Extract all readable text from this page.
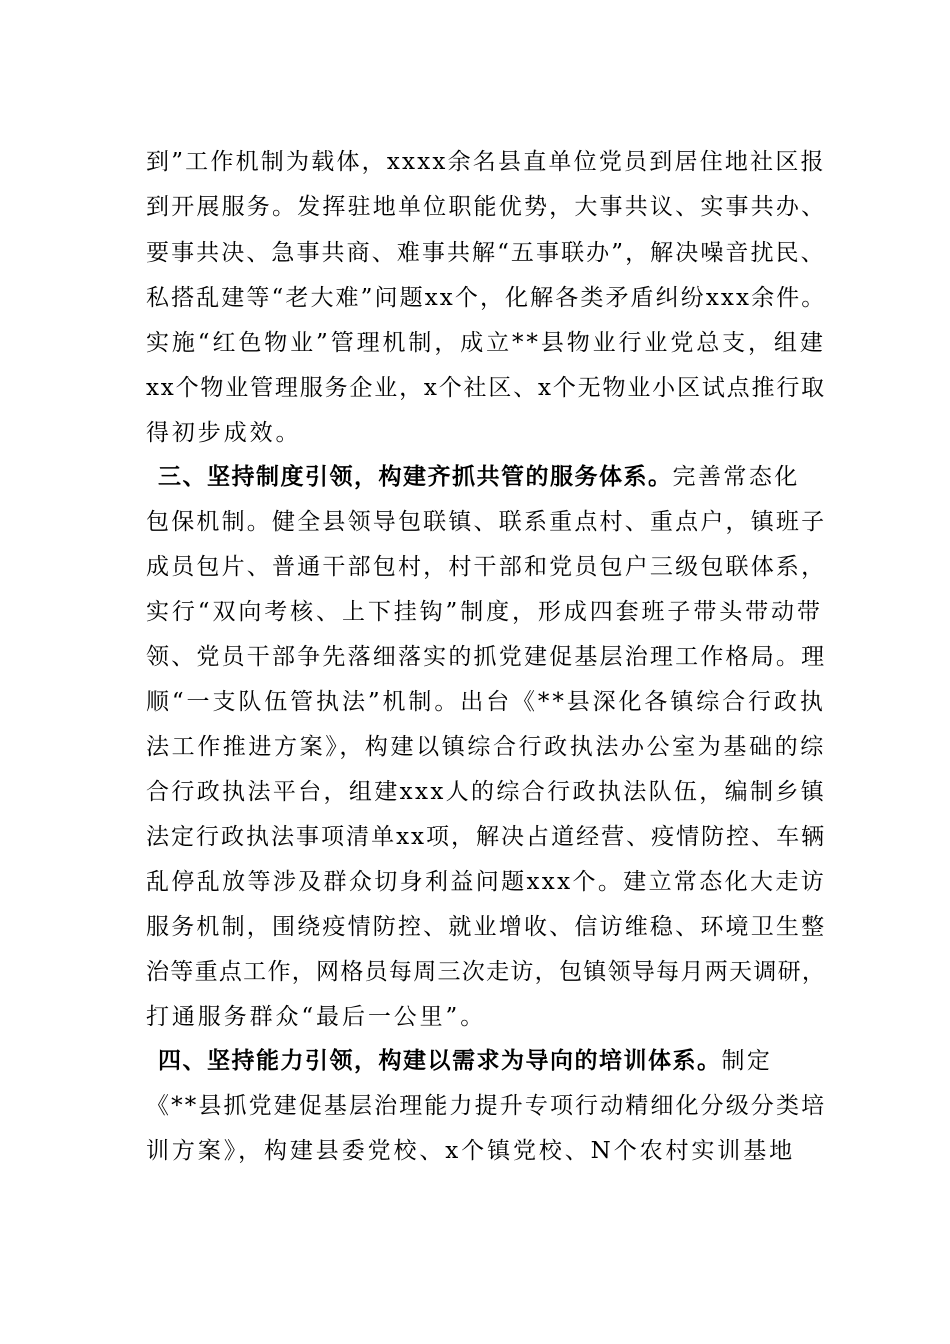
到”工作机制为载体，xxxx余名县直单位党员到居住地社区报
到开展服务。发挥驻地单位职能优势，大事共议、实事共办、
要事共决、急事共商、难事共解“五事联办”，解决噪音扰民、
私搭乱建等“老大难”问题xx个，化解各类矛盾纠纷xxx余件。
实施“红色物业”管理机制，成立**县物业行业党总支，组建
xx个物业管理服务企业，x个社区、x个无物业小区试点推行取
得初步成效。
三、坚持制度引领，构建齐抓共管的服务体系。完善常态化
包保机制。健全县领导包联镇、联系重点村、重点户，镇班子
成员包片、普通干部包村，村干部和党员包户三级包联体系，
实行“双向考核、上下挂钩”制度，形成四套班子带头带动带
领、党员干部争先落细落实的抓党建促基层治理工作格局。理
顺“一支队伍管执法”机制。出台《**县深化各镇综合行政执
法工作推进方案》，构建以镇综合行政执法办公室为基础的综
合行政执法平台，组建xxx人的综合行政执法队伍，编制乡镇
法定行政执法事项清单xx项，解决占道经营、疫情防控、车辆
乱停乱放等涉及群众切身利益问题xxx个。建立常态化大走访
服务机制，围绕疫情防控、就业增收、信访维稳、环境卫生整
治等重点工作，网格员每周三次走访，包镇领导每月两天调研，
打通服务群众“最后一公里”。
四、坚持能力引领，构建以需求为导向的培训体系。制定
《**县抓党建促基层治理能力提升专项行动精细化分级分类培
训方案》，构建县委党校、x个镇党校、N个农村实训基地
